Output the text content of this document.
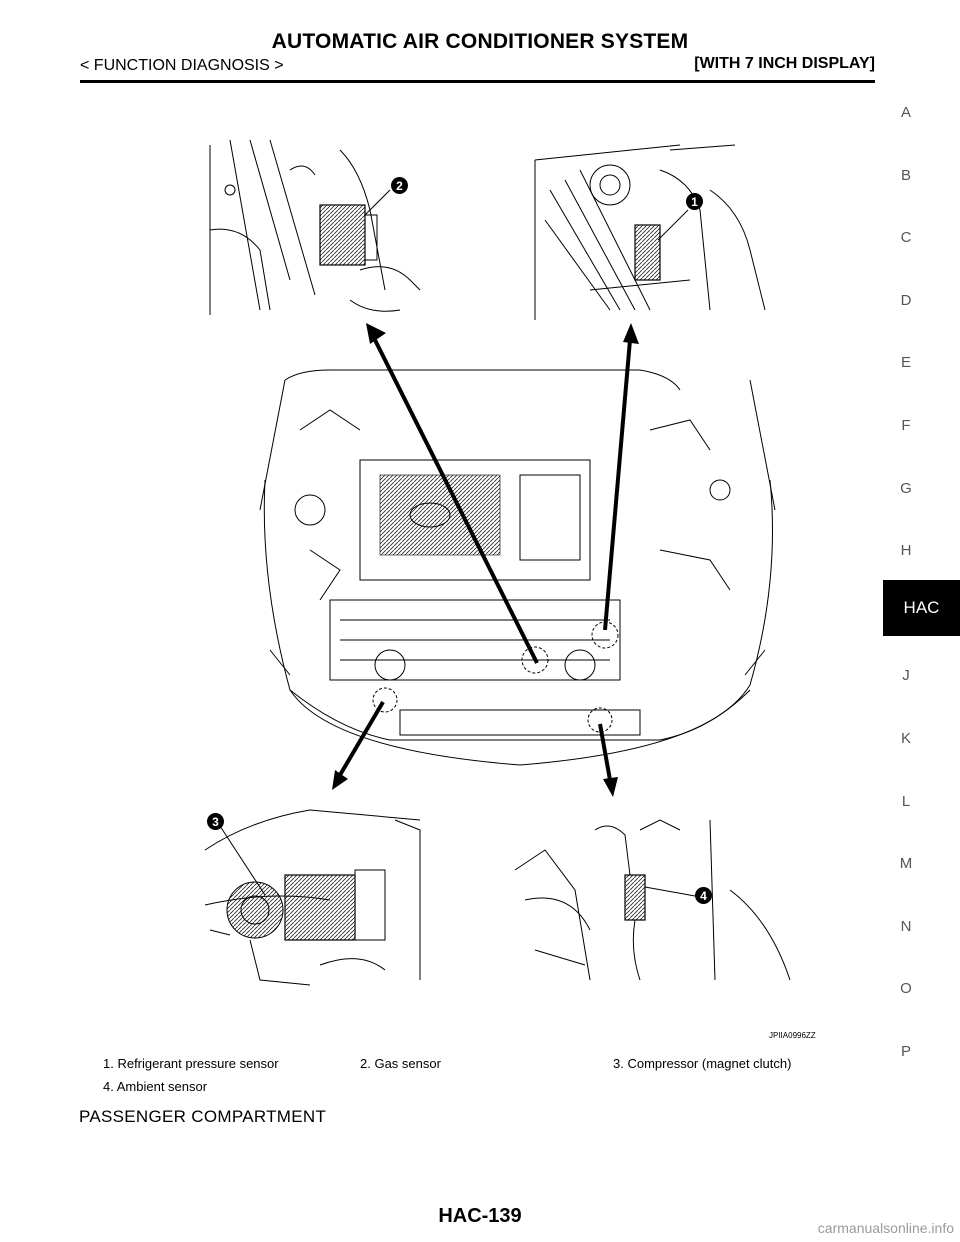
AUTOMATIC AIR CONDITIONER SYSTEM
< FUNCTION DIAGNOSIS >	[WITH 7 INCH DISPLAY]
A
B
C
D
E
F
G
H
J
K
L
M
N
O
P
HAC
1
2
3
4
JPIIA0996ZZ
1. Refrigerant pressure sensor	2. Gas sensor	3. Compressor (magnet clutch)
4. Ambient sensor
PASSENGER COMPARTMENT
HAC-139
carmanualsonline.info
